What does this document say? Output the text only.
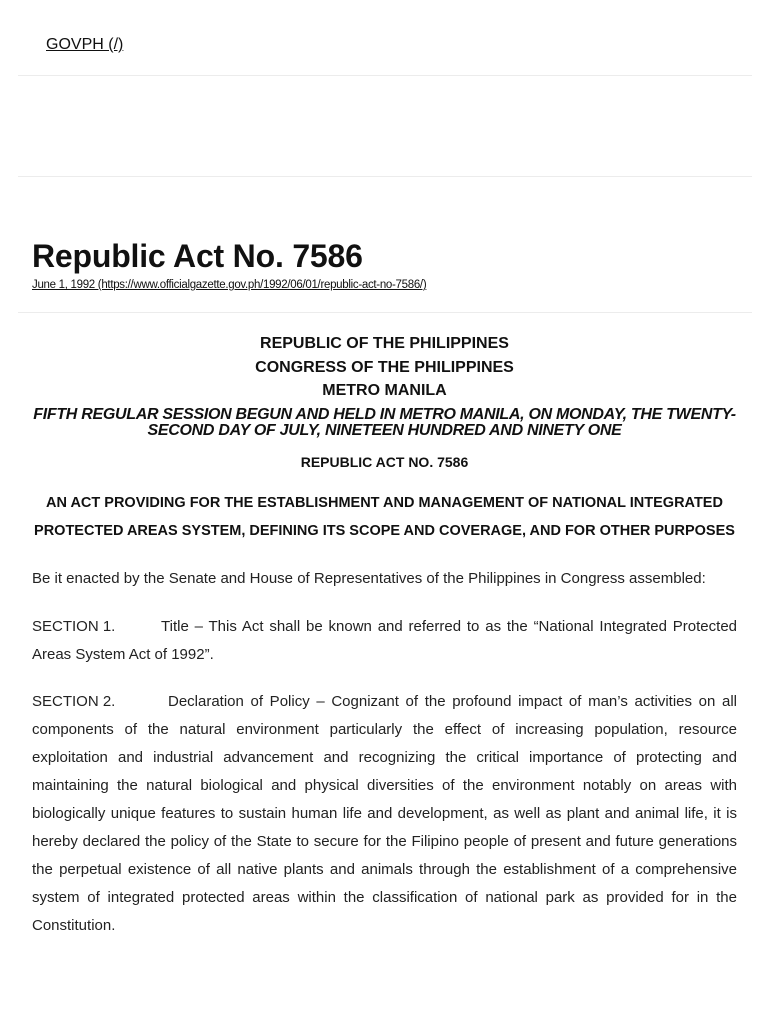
GOVPH (/)
Republic Act No. 7586
June 1, 1992 (https://www.officialgazette.gov.ph/1992/06/01/republic-act-no-7586/)
REPUBLIC OF THE PHILIPPINES
CONGRESS OF THE PHILIPPINES
METRO MANILA
FIFTH REGULAR SESSION BEGUN AND HELD IN METRO MANILA, ON MONDAY, THE TWENTY-
SECOND DAY OF JULY, NINETEEN HUNDRED AND NINETY ONE
REPUBLIC ACT NO. 7586
AN ACT PROVIDING FOR THE ESTABLISHMENT AND MANAGEMENT OF NATIONAL INTEGRATED
PROTECTED AREAS SYSTEM, DEFINING ITS SCOPE AND COVERAGE, AND FOR OTHER PURPOSES

Be it enacted by the Senate and House of Representatives of the Philippines in Congress assembled:

SECTION 1.	Title – This Act shall be known and referred to as the “National Integrated Protected Areas System Act of 1992”.

SECTION 2.	Declaration of Policy – Cognizant of the profound impact of man’s activities on all components of the natural environment particularly the effect of increasing population, resource exploitation and industrial advancement and recognizing the critical importance of protecting and maintaining the natural biological and physical diversities of the environment notably on areas with biologically unique features to sustain human life and development, as well as plant and animal life, it is hereby declared the policy of the State to secure for the Filipino people of present and future generations the perpetual existence of all native plants and animals through the establishment of a comprehensive system of integrated protected areas within the classification of national park as provided for in the Constitution.
